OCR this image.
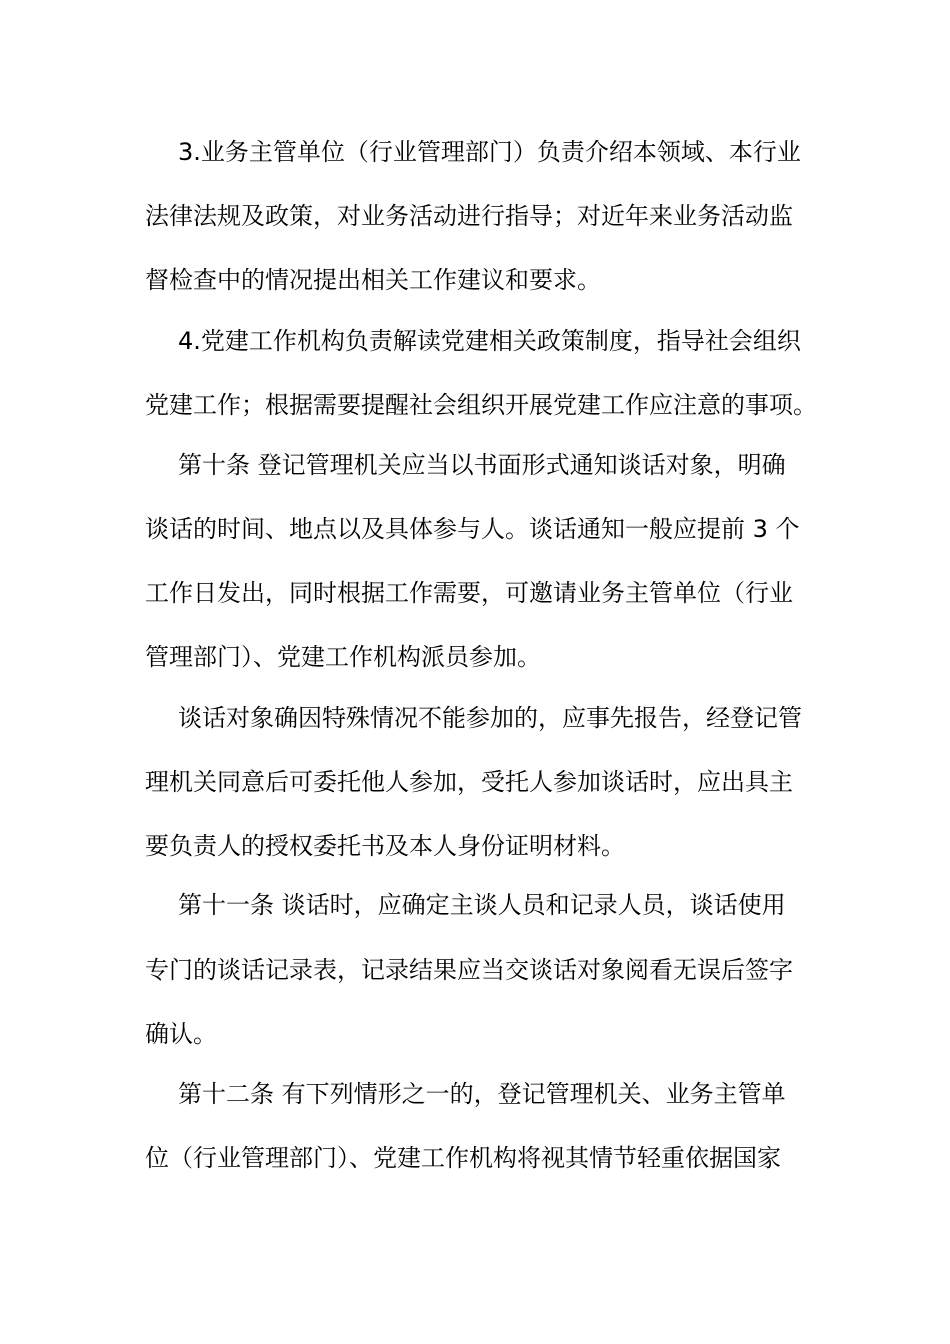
3.业务主管单位（行业管理部门）负责介绍本领域、本行业
法律法规及政策，对业务活动进行指导；对近年来业务活动监
督检查中的情况提出相关工作建议和要求。
4.党建工作机构负责解读党建相关政策制度，指导社会组织
党建工作；根据需要提醒社会组织开展党建工作应注意的事项。
第十条 登记管理机关应当以书面形式通知谈话对象，明确
谈话的时间、地点以及具体参与人。谈话通知一般应提前 3 个
工作日发出，同时根据工作需要，可邀请业务主管单位（行业
管理部门）、党建工作机构派员参加。
谈话对象确因特殊情况不能参加的，应事先报告，经登记管
理机关同意后可委托他人参加，受托人参加谈话时，应出具主
要负责人的授权委托书及本人身份证明材料。
第十一条 谈话时，应确定主谈人员和记录人员，谈话使用
专门的谈话记录表，记录结果应当交谈话对象阅看无误后签字
确认。
第十二条 有下列情形之一的，登记管理机关、业务主管单
位（行业管理部门）、党建工作机构将视其情节轻重依据国家
